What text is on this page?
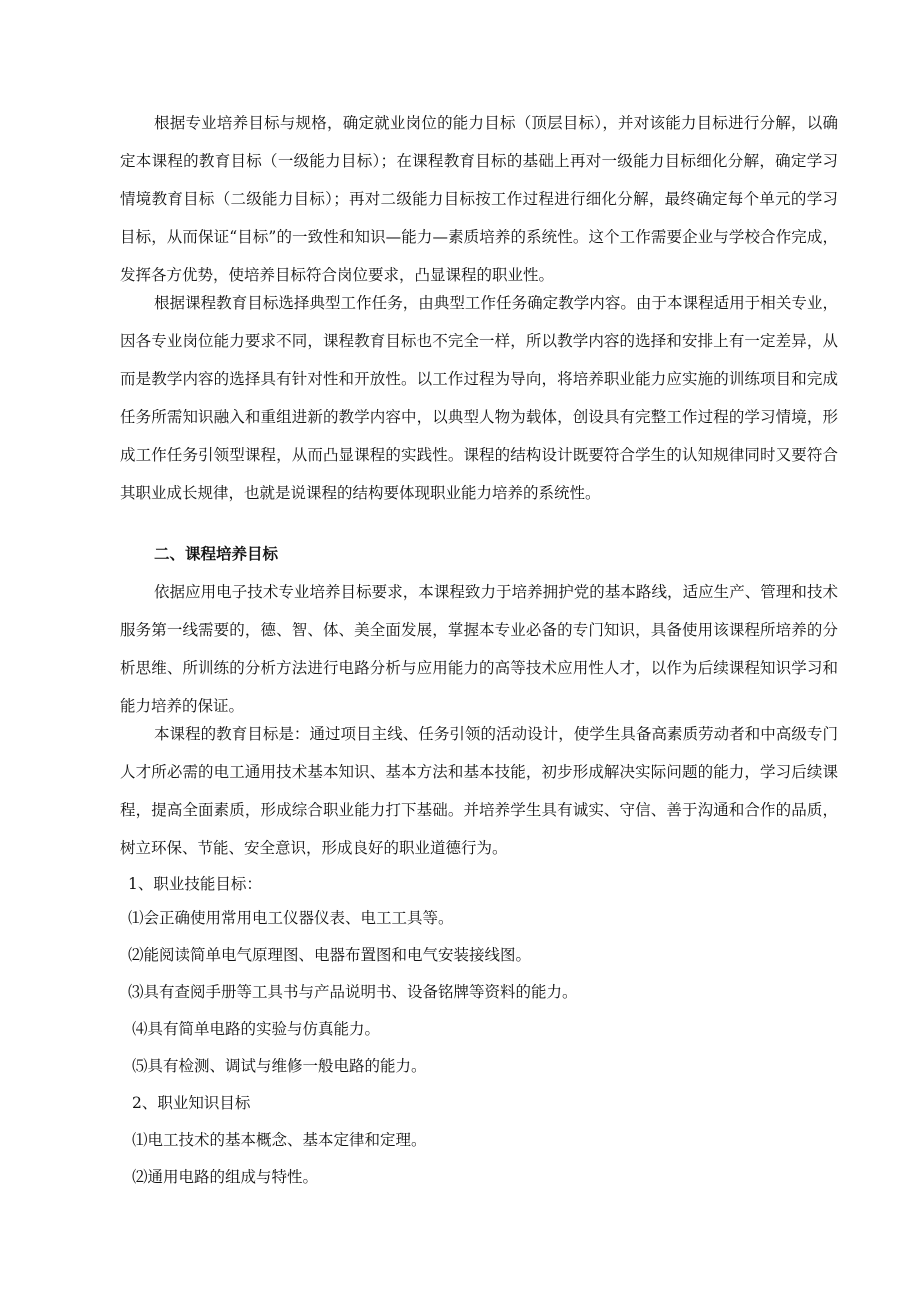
根据专业培养目标与规格，确定就业岗位的能力目标（顶层目标），并对该能力目标进行分解，以确定本课程的教育目标（一级能力目标）；在课程教育目标的基础上再对一级能力目标细化分解，确定学习情境教育目标（二级能力目标）；再对二级能力目标按工作过程进行细化分解，最终确定每个单元的学习目标，从而保证“目标”的一致性和知识—能力—素质培养的系统性。这个工作需要企业与学校合作完成，发挥各方优势，使培养目标符合岗位要求，凸显课程的职业性。

根据课程教育目标选择典型工作任务，由典型工作任务确定教学内容。由于本课程适用于相关专业，因各专业岗位能力要求不同，课程教育目标也不完全一样，所以教学内容的选择和安排上有一定差异，从而是教学内容的选择具有针对性和开放性。以工作过程为导向，将培养职业能力应实施的训练项目和完成任务所需知识融入和重组进新的教学内容中，以典型人物为载体，创设具有完整工作过程的学习情境，形成工作任务引领型课程，从而凸显课程的实践性。课程的结构设计既要符合学生的认知规律同时又要符合其职业成长规律，也就是说课程的结构要体现职业能力培养的系统性。

二、课程培养目标

依据应用电子技术专业培养目标要求，本课程致力于培养拥护党的基本路线，适应生产、管理和技术服务第一线需要的，德、智、体、美全面发展，掌握本专业必备的专门知识，具备使用该课程所培养的分析思维、所训练的分析方法进行电路分析与应用能力的高等技术应用性人才，以作为后续课程知识学习和能力培养的保证。

本课程的教育目标是：通过项目主线、任务引领的活动设计，使学生具备高素质劳动者和中高级专门人才所必需的电工通用技术基本知识、基本方法和基本技能，初步形成解决实际问题的能力，学习后续课程，提高全面素质，形成综合职业能力打下基础。并培养学生具有诚实、守信、善于沟通和合作的品质，树立环保、节能、安全意识，形成良好的职业道德行为。

1、职业技能目标：

⑴会正确使用常用电工仪器仪表、电工工具等。

⑵能阅读简单电气原理图、电器布置图和电气安装接线图。

⑶具有查阅手册等工具书与产品说明书、设备铭牌等资料的能力。

⑷具有简单电路的实验与仿真能力。

⑸具有检测、调试与维修一般电路的能力。

2、职业知识目标

⑴电工技术的基本概念、基本定律和定理。

⑵通用电路的组成与特性。
